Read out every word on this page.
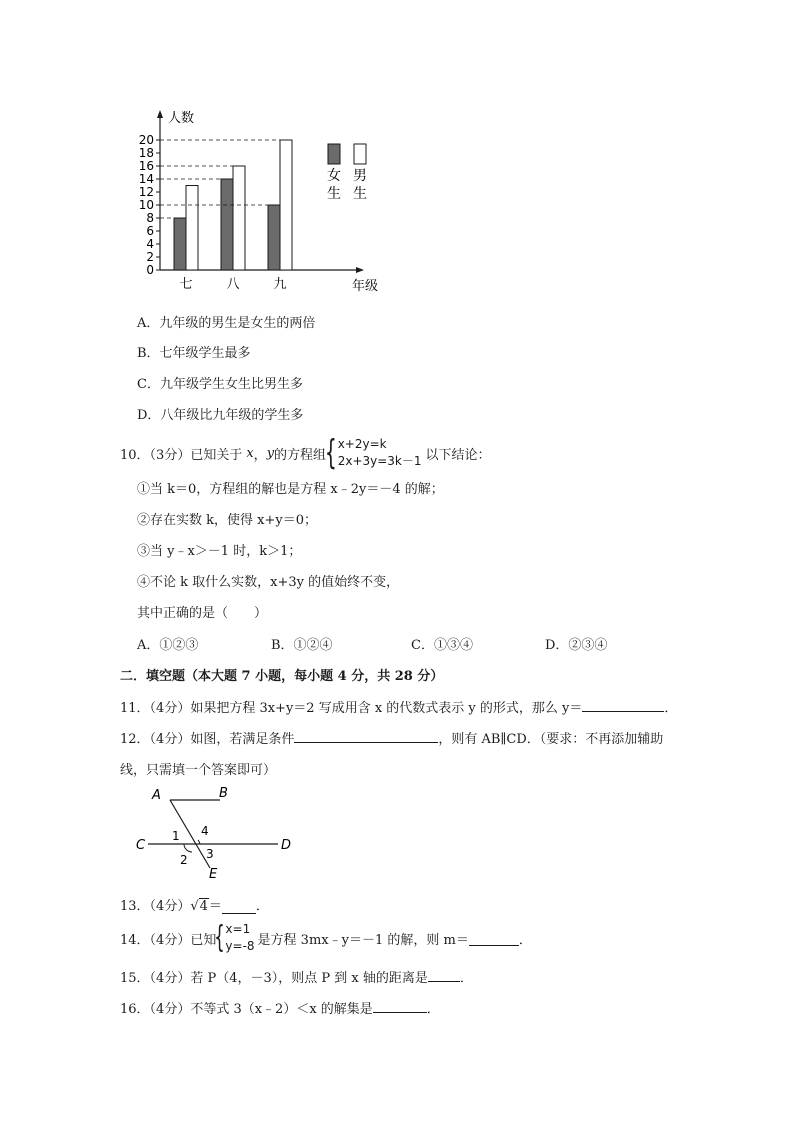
人数
年级
0
2
4
6
8
10
12
14
16
18
20
七	八	九
女
生
男
生
A．九年级的男生是女生的两倍
B．七年级学生最多
C．九年级学生女生比男生多
D．八年级比九年级的学生多
10．（3分）已知关于 x ， y 的方程组
{ x+2y=k
2x+3y=3k－1 以下结论：
①当 k＝0，方程组的解也是方程 x﹣2y＝－4 的解；
②存在实数 k，使得 x+y＝0；
③当 y﹣x＞－1 时，k＞1；
④不论 k 取什么实数，x+3y 的值始终不变，
其中正确的是（　　）
A．①②③	B．①②④	C．①③④	D．②③④
二．填空题（本大题 7 小题，每小题 4 分，共 28 分）
11．（4分）如果把方程 3x+y＝2 写成用含 x 的代数式表示 y 的形式，那么 y＝	．
12．（4分）如图，若满足条件	，则有 AB∥CD．（要求：不再添加辅助
线，只需填一个答案即可）
A	B
C	D
E
1
2 3
4
13．（4分） √ 4 ＝	．
14．（4分）已知
{ x=1
y=-8 是方程 3mx﹣y＝－1 的解，则 m＝	．
15．（4分）若 P（4，－3），则点 P 到 x 轴的距离是 ．
16．（4分）不等式 3（x﹣2）＜x 的解集是	．
